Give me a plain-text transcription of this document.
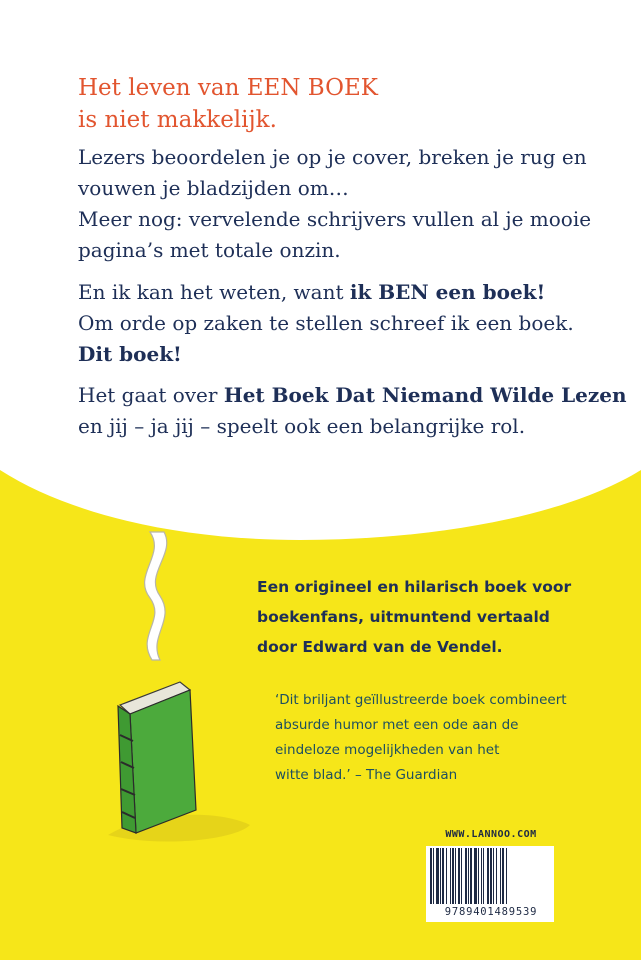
Het leven van EEN BOEK
is niet makkelijk.
Lezers beoordelen je op je cover, breken je rug en
vouwen je bladzijden om…
Meer nog: vervelende schrijvers vullen al je mooie
pagina’s met totale onzin.
En ik kan het weten, want ik BEN een boek!
Om orde op zaken te stellen schreef ik een boek.
Dit boek!
Het gaat over Het Boek Dat Niemand Wilde Lezen
en jij – ja jij – speelt ook een belangrijke rol.
Een origineel en hilarisch boek voor
boekenfans, uitmuntend vertaald
door Edward van de Vendel.
‘Dit briljant geïllustreerde boek combineert
absurde humor met een ode aan de
eindeloze mogelijkheden van het
witte blad.’ – The Guardian
WWW.LANNOO.COM
9789401489539
